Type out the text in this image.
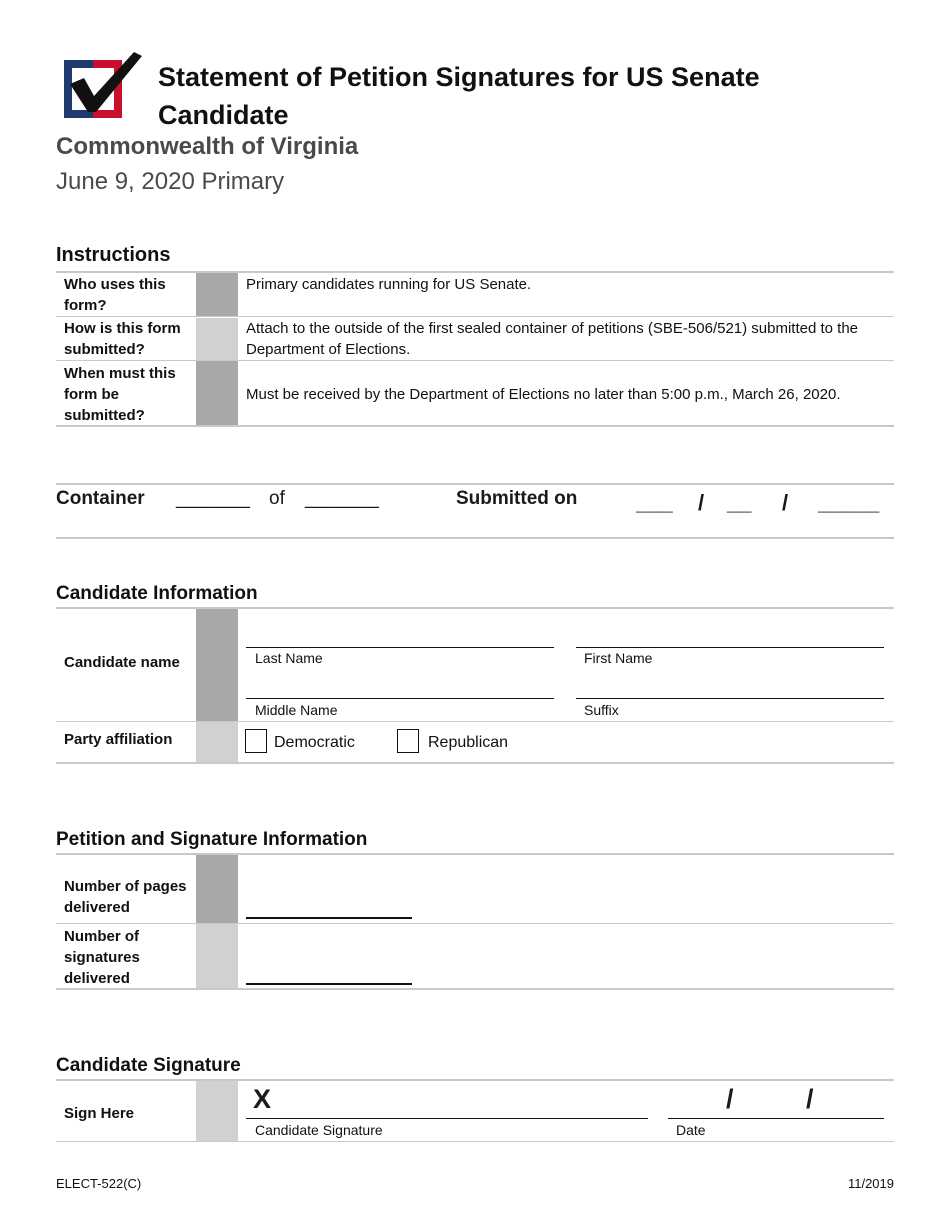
Statement of Petition Signatures for US Senate Candidate
Commonwealth of Virginia
June 9, 2020 Primary
Instructions
Who uses this form?
Primary candidates running for US Senate.
How is this form submitted?
Attach to the outside of the first sealed container of petitions (SBE-506/521) submitted to the Department of Elections.
When must this form be submitted?
Must be received by the Department of Elections no later than 5:00 p.m., March 26, 2020.
Container _______ of _______	Submitted on	___ / __ / _____
Candidate Information
Candidate name	Last Name	First Name
Middle Name	Suffix
Party affiliation	Democratic	Republican
Petition and Signature Information
Number of pages delivered
Number of signatures delivered
Candidate Signature
Sign Here	X
Candidate Signature
/	/
Date
ELECT-522(C)	11/2019
